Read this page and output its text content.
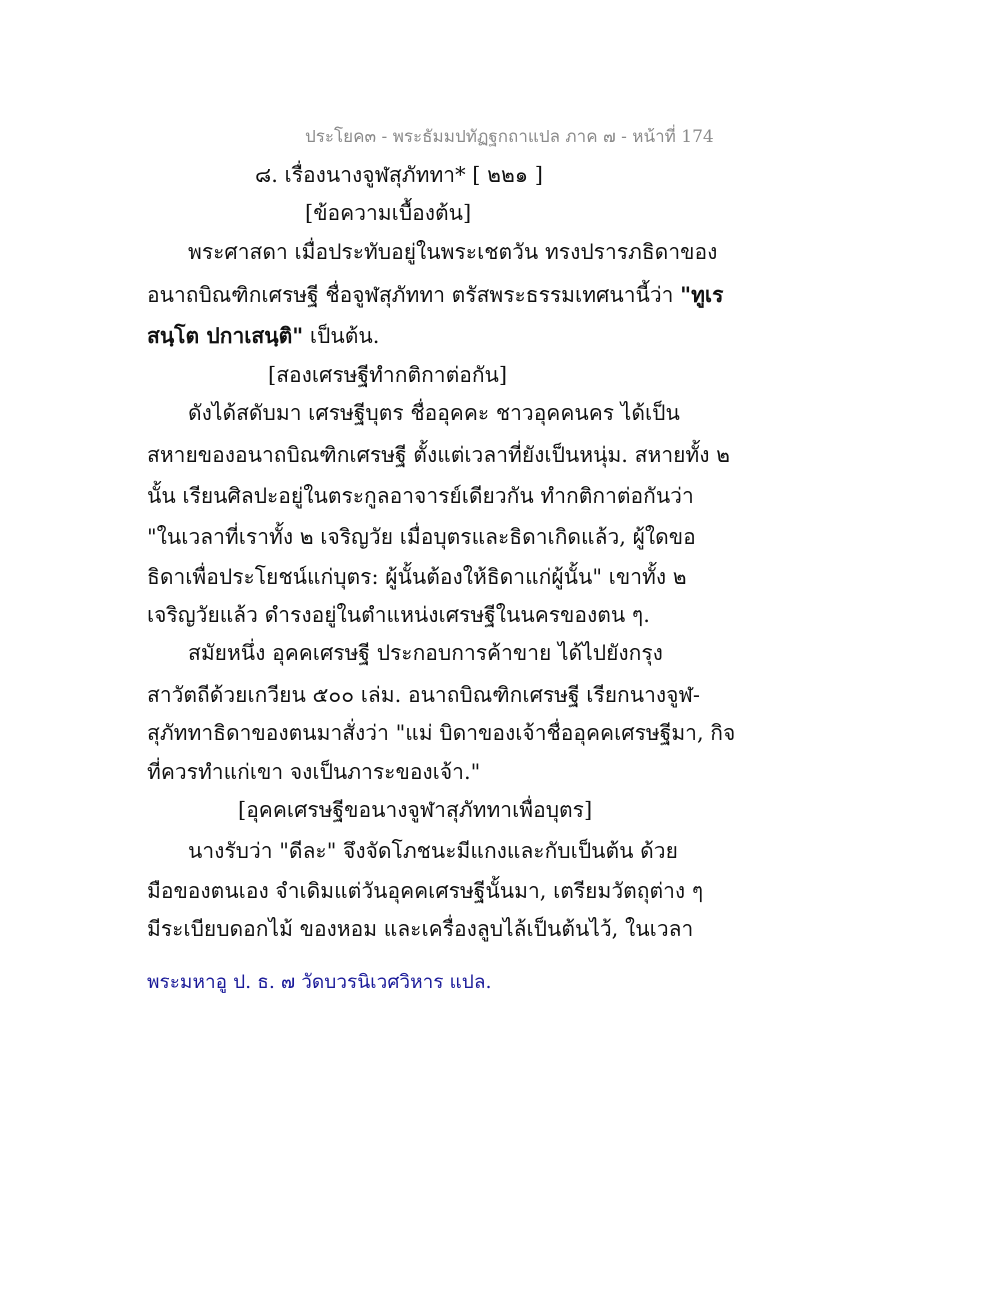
ประโยค๓ - พระธัมมปทัฏฐกถาแปล ภาค ๗ - หน้าที่ 174
๘. เรื่องนางจูฬสุภัททา* [ ๒๒๑ ]
[ข้อความเบื้องต้น]
พระศาสดา เมื่อประทับอยู่ในพระเชตวัน ทรงปรารภธิดาของ
อนาถบิณฑิกเศรษฐี ชื่อจูฬสุภัททา ตรัสพระธรรมเทศนานี้ว่า "ทูเร
สนฺโต ปกาเสนฺติ" เป็นต้น.
[สองเศรษฐีทำกติกาต่อกัน]
ดังได้สดับมา เศรษฐีบุตร ชื่ออุคคะ ชาวอุคคนคร ได้เป็น
สหายของอนาถบิณฑิกเศรษฐี ตั้งแต่เวลาที่ยังเป็นหนุ่ม. สหายทั้ง ๒
นั้น เรียนศิลปะอยู่ในตระกูลอาจารย์เดียวกัน ทำกติกาต่อกันว่า
"ในเวลาที่เราทั้ง ๒ เจริญวัย เมื่อบุตรและธิดาเกิดแล้ว, ผู้ใดขอ
ธิดาเพื่อประโยชน์แก่บุตร: ผู้นั้นต้องให้ธิดาแก่ผู้นั้น" เขาทั้ง ๒
เจริญวัยแล้ว ดำรงอยู่ในตำแหน่งเศรษฐีในนครของตน ๆ.
สมัยหนึ่ง อุคคเศรษฐี ประกอบการค้าขาย ได้ไปยังกรุง
สาวัตถีด้วยเกวียน ๕๐๐ เล่ม. อนาถบิณฑิกเศรษฐี เรียกนางจูฬ-
สุภัททาธิดาของตนมาสั่งว่า "แม่ บิดาของเจ้าชื่ออุคคเศรษฐีมา, กิจ
ที่ควรทำแก่เขา จงเป็นภาระของเจ้า."
[อุคคเศรษฐีขอนางจูฬาสุภัททาเพื่อบุตร]
นางรับว่า "ดีละ" จึงจัดโภชนะมีแกงและกับเป็นต้น ด้วย
มือของตนเอง จำเดิมแต่วันอุคคเศรษฐีนั้นมา, เตรียมวัตถุต่าง ๆ
มีระเบียบดอกไม้ ของหอม และเครื่องลูบไล้เป็นต้นไว้, ในเวลา
พระมหาอู ป. ธ. ๗ วัดบวรนิเวศวิหาร แปล.
